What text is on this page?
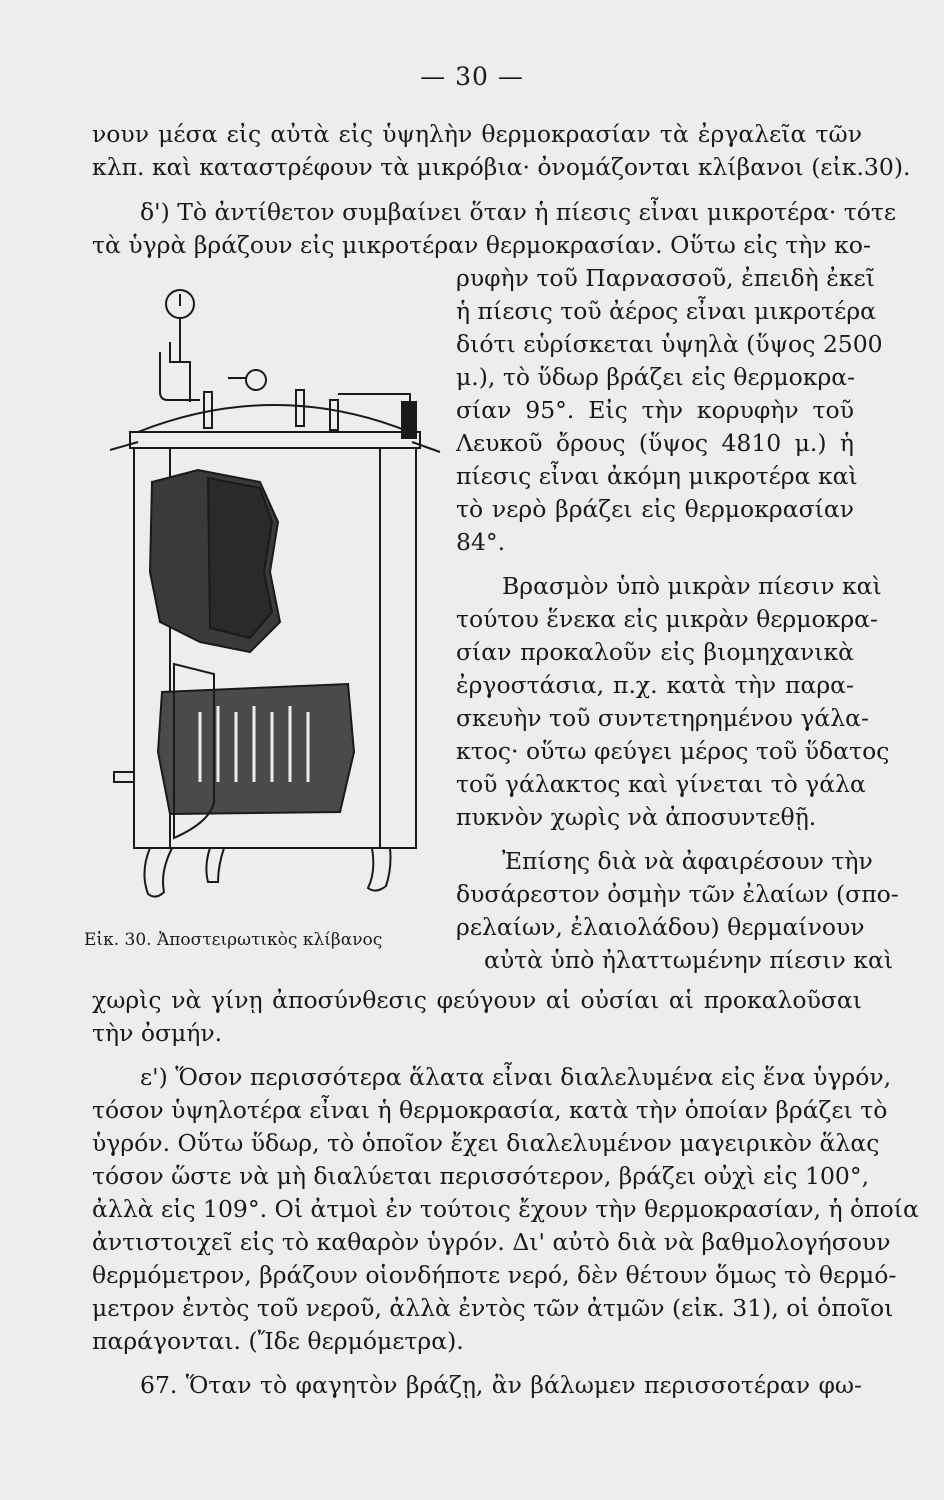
— 30 —
νουν μέσα εἰς αὐτὰ εἰς ὑψηλὴν θερμοκρασίαν τὰ ἐργαλεῖα τῶν
κλπ. καὶ καταστρέφουν τὰ μικρόβια· ὀνομάζονται κλίβανοι (εἰκ.30).
δ') Τὸ ἀντίθετον συμβαίνει ὅταν ἡ πίεσις εἶναι μικροτέρα· τότε
τὰ ὑγρὰ βράζουν εἰς μικροτέραν θερμοκρασίαν. Οὕτω εἰς τὴν κο-
ρυφὴν τοῦ Παρνασσοῦ, ἐπειδὴ ἐκεῖ
ἡ πίεσις τοῦ ἀέρος εἶναι μικροτέρα
διότι εὑρίσκεται ὑψηλὰ (ὕψος 2500
μ.), τὸ ὕδωρ βράζει εἰς θερμοκρα-
σίαν 95°. Εἰς τὴν κορυφὴν τοῦ
Λευκοῦ ὄρους (ὕψος 4810 μ.) ἡ
πίεσις εἶναι ἀκόμη μικροτέρα καὶ
τὸ νερὸ βράζει εἰς θερμοκρασίαν
84°.
Βρασμὸν ὑπὸ μικρὰν πίεσιν καὶ
τούτου ἕνεκα εἰς μικρὰν θερμοκρα-
σίαν προκαλοῦν εἰς βιομηχανικὰ
ἐργοστάσια, π.χ. κατὰ τὴν παρα-
σκευὴν τοῦ συντετηρημένου γάλα-
κτος· οὕτω φεύγει μέρος τοῦ ὕδατος
τοῦ γάλακτος καὶ γίνεται τὸ γάλα
πυκνὸν χωρὶς νὰ ἀποσυντεθῇ.
Ἐπίσης διὰ νὰ ἀφαιρέσουν τὴν
δυσάρεστον ὀσμὴν τῶν ἐλαίων (σπο-
ρελαίων, ἐλαιολάδου) θερμαίνουν
αὐτὰ ὑπὸ ἠλαττωμένην πίεσιν καὶ
χωρὶς νὰ γίνῃ ἀποσύνθεσις φεύγουν αἱ οὐσίαι αἱ προκαλοῦσαι
τὴν ὀσμήν.
ε') Ὅσον περισσότερα ἅλατα εἶναι διαλελυμένα εἰς ἕνα ὑγρόν,
τόσον ὑψηλοτέρα εἶναι ἡ θερμοκρασία, κατὰ τὴν ὁποίαν βράζει τὸ
ὑγρόν. Οὕτω ὕδωρ, τὸ ὁποῖον ἔχει διαλελυμένον μαγειρικὸν ἅλας
τόσον ὥστε νὰ μὴ διαλύεται περισσότερον, βράζει οὐχὶ εἰς 100°,
ἀλλὰ εἰς 109°. Οἱ ἀτμοὶ ἐν τούτοις ἔχουν τὴν θερμοκρασίαν, ἡ ὁποία
ἀντιστοιχεῖ εἰς τὸ καθαρὸν ὑγρόν. Δι' αὐτὸ διὰ νὰ βαθμολογήσουν
θερμόμετρον, βράζουν οἱονδήποτε νερό, δὲν θέτουν ὅμως τὸ θερμό-
μετρον ἐντὸς τοῦ νεροῦ, ἀλλὰ ἐντὸς τῶν ἀτμῶν (εἰκ. 31), οἱ ὁποῖοι
παράγονται. (Ἴδε θερμόμετρα).
67. Ὅταν τὸ φαγητὸν βράζῃ, ἂν βάλωμεν περισσοτέραν φω-
Εἰκ. 30. Ἀποστειρωτικὸς κλίβανος
